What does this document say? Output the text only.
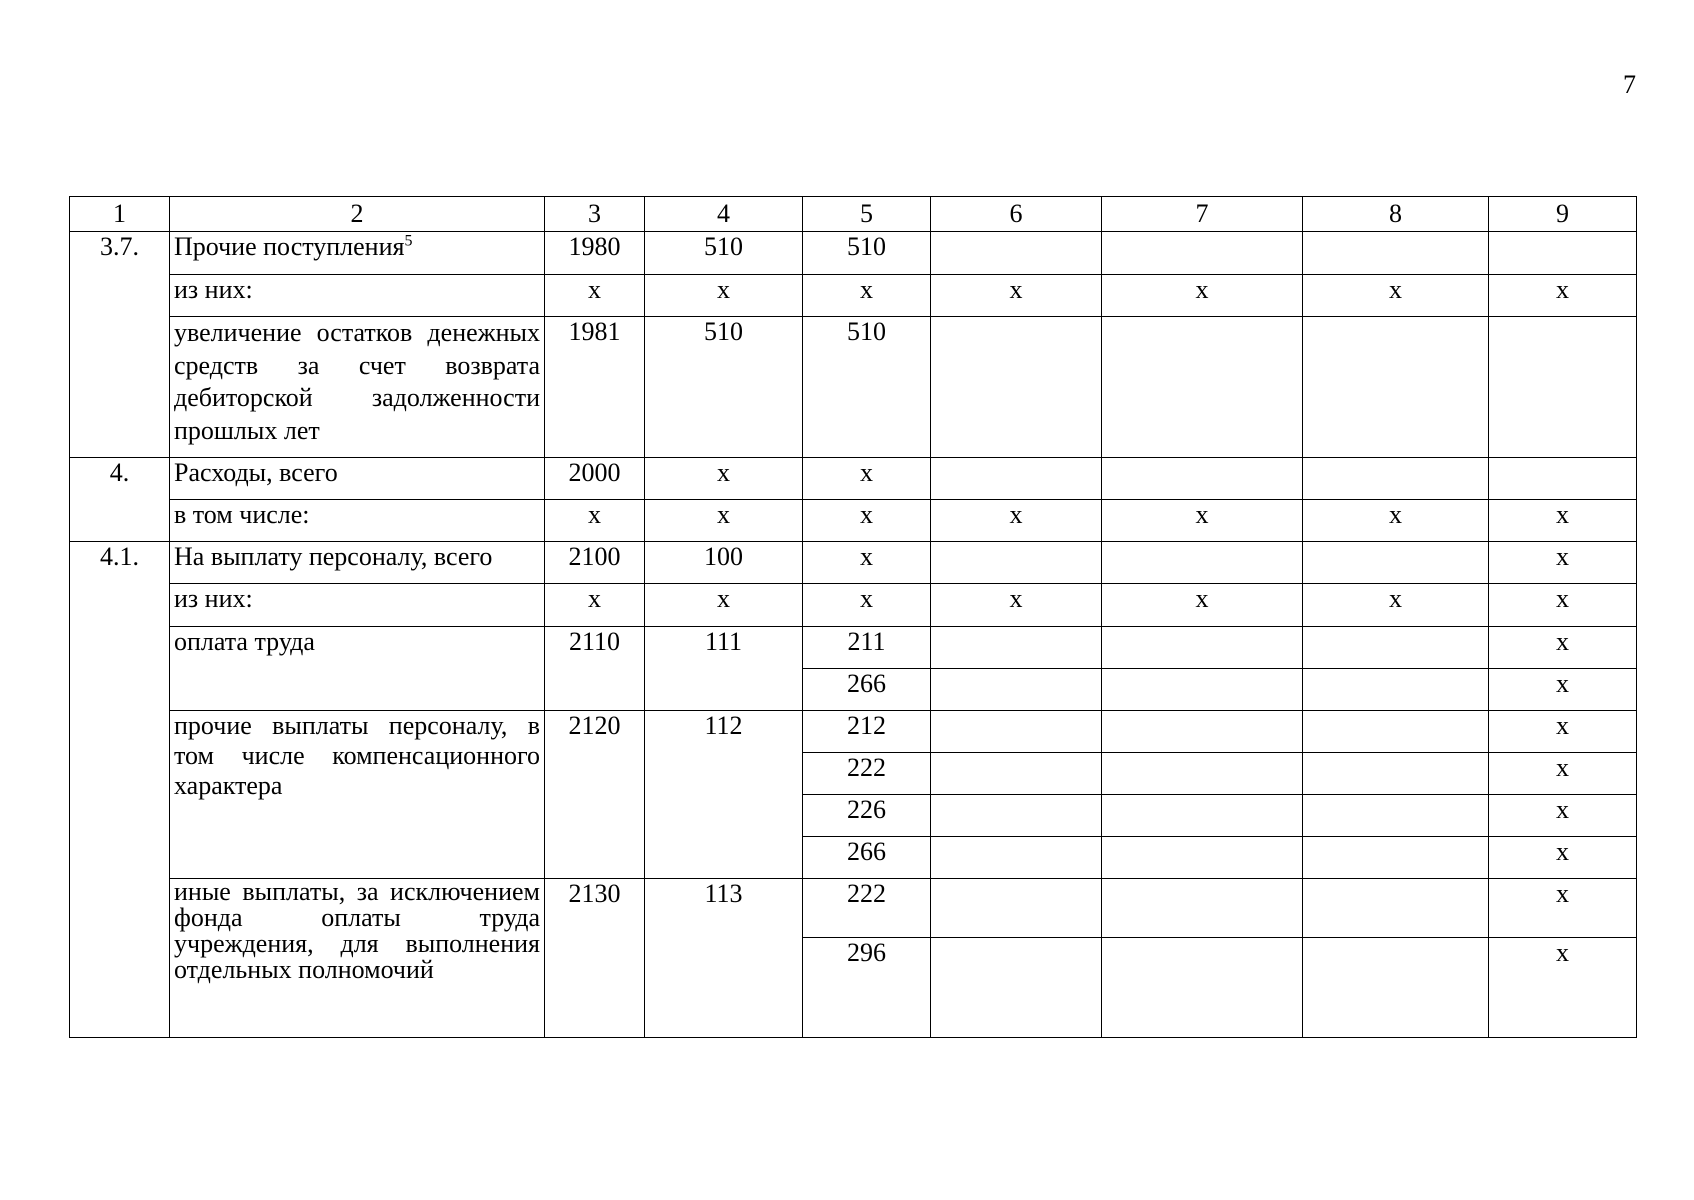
7
1	2	3	4	5	6	7	8	9
3.7.	Прочие поступления$^5$	1980	510	510				
	из них:	х	х	х	х	х	х	х
	увеличение остатков денежных средств за счет возврата дебиторской задолженности прошлых лет	1981	510	510				
4.	Расходы, всего	2000	х	х				
	в том числе:	х	х	х	х	х	х	х
4.1.	На выплату персоналу, всего	2100	100	х				х
	из них:	х	х	х	х	х	х	х
	оплата труда	2110	111	211				х
				266				х
	прочие выплаты персоналу, в том числе компенсационного характера	2120	112	212				х
				222				х
				226				х
				266				х
	иные выплаты, за исключением фонда оплаты труда учреждения, для выполнения отдельных полномочий	2130	113	222				х
				296				х
